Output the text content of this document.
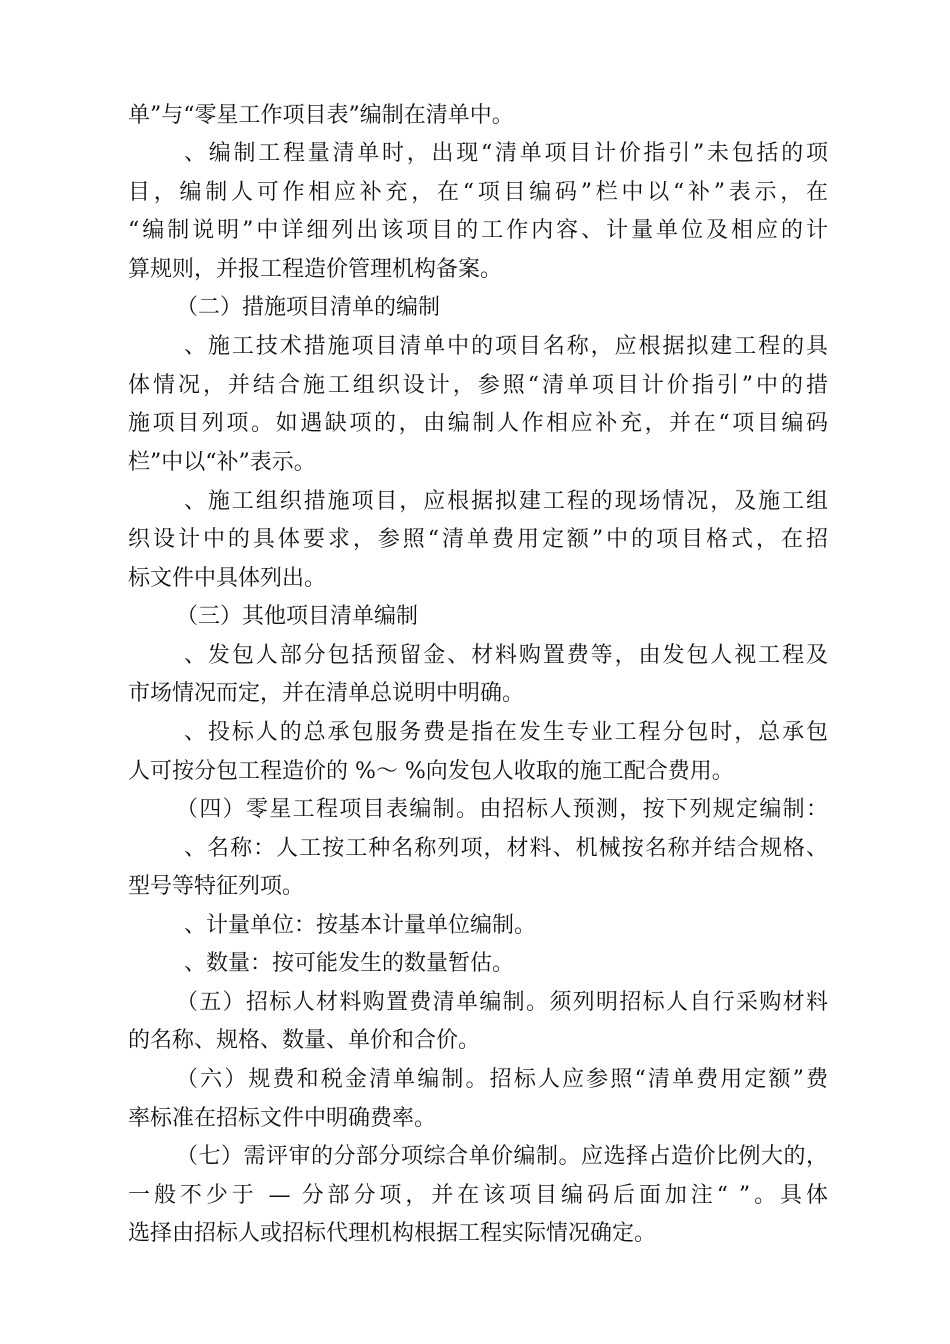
单”与“零星工作项目表”编制在清单中。
、编制工程量清单时，出现“清单项目计价指引”未包括的项
目，编制人可作相应补充，在“项目编码”栏中以“补”表示，在
“编制说明”中详细列出该项目的工作内容、计量单位及相应的计
算规则，并报工程造价管理机构备案。
（二）措施项目清单的编制
、施工技术措施项目清单中的项目名称，应根据拟建工程的具
体情况，并结合施工组织设计，参照“清单项目计价指引”中的措
施项目列项。如遇缺项的，由编制人作相应补充，并在“项目编码
栏”中以“补”表示。
、施工组织措施项目，应根据拟建工程的现场情况，及施工组
织设计中的具体要求，参照“清单费用定额”中的项目格式，在招
标文件中具体列出。
（三）其他项目清单编制
、发包人部分包括预留金、材料购置费等，由发包人视工程及
市场情况而定，并在清单总说明中明确。
、投标人的总承包服务费是指在发生专业工程分包时，总承包
人可按分包工程造价的 %～ %向发包人收取的施工配合费用。
（四）零星工程项目表编制。由招标人预测，按下列规定编制：
、名称：人工按工种名称列项，材料、机械按名称并结合规格、
型号等特征列项。
、计量单位：按基本计量单位编制。
、数量：按可能发生的数量暂估。
（五）招标人材料购置费清单编制。须列明招标人自行采购材料
的名称、规格、数量、单价和合价。
（六）规费和税金清单编制。招标人应参照“清单费用定额”费
率标准在招标文件中明确费率。
（七）需评审的分部分项综合单价编制。应选择占造价比例大的，
一般不少于 — 分部分项，并在该项目编码后面加注“ ”。具体
选择由招标人或招标代理机构根据工程实际情况确定。
